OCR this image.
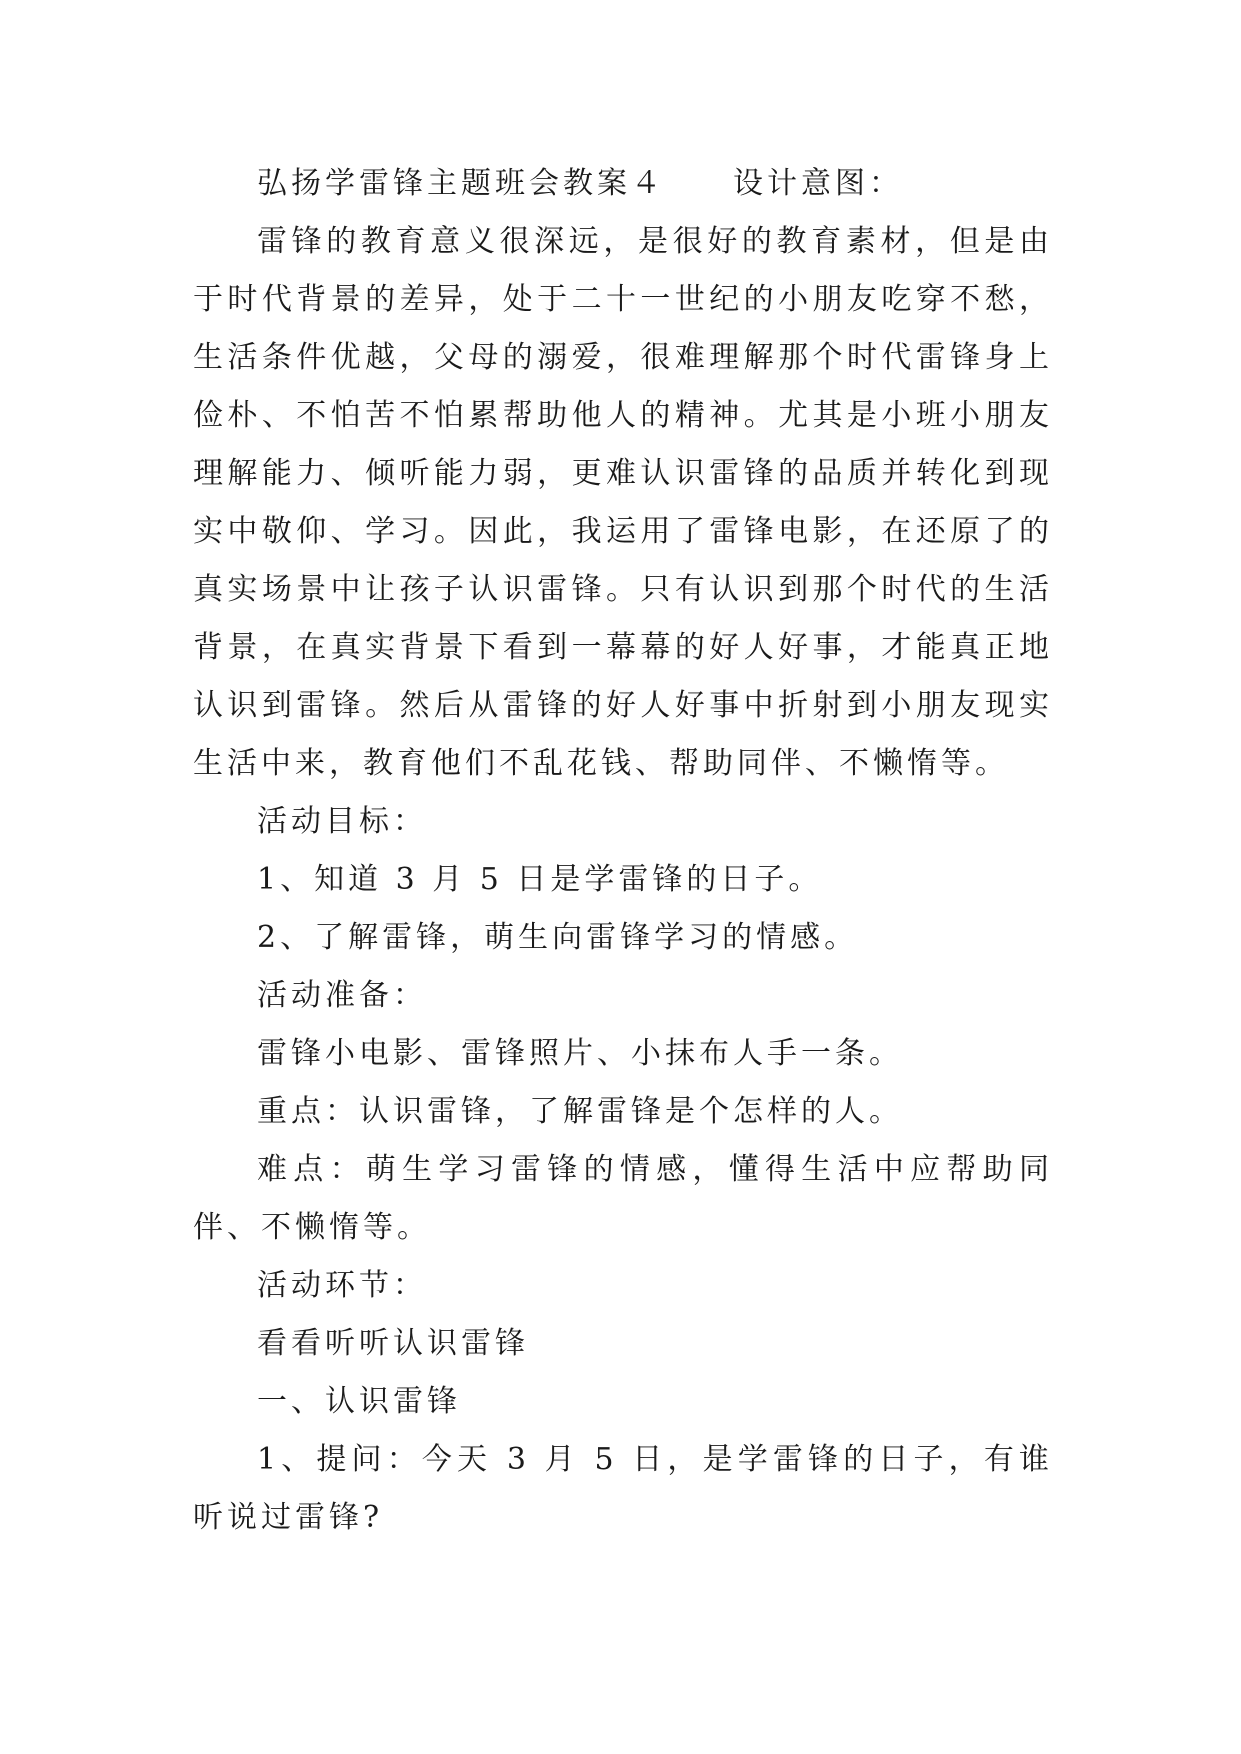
弘扬学雷锋主题班会教案４　　设计意图：

雷锋的教育意义很深远，是很好的教育素材，但是由于时代背景的差异，处于二十一世纪的小朋友吃穿不愁，生活条件优越，父母的溺爱，很难理解那个时代雷锋身上俭朴、不怕苦不怕累帮助他人的精神。尤其是小班小朋友理解能力、倾听能力弱，更难认识雷锋的品质并转化到现实中敬仰、学习。因此，我运用了雷锋电影，在还原了的真实场景中让孩子认识雷锋。只有认识到那个时代的生活背景，在真实背景下看到一幕幕的好人好事，才能真正地认识到雷锋。然后从雷锋的好人好事中折射到小朋友现实生活中来，教育他们不乱花钱、帮助同伴、不懒惰等。

活动目标：

1、知道 3 月 5 日是学雷锋的日子。

2、了解雷锋，萌生向雷锋学习的情感。

活动准备：

雷锋小电影、雷锋照片、小抹布人手一条。

重点：认识雷锋，了解雷锋是个怎样的人。

难点：萌生学习雷锋的情感，懂得生活中应帮助同伴、不懒惰等。

活动环节：

看看听听认识雷锋

一、认识雷锋

1、提问：今天 3 月 5 日，是学雷锋的日子，有谁听说过雷锋?
